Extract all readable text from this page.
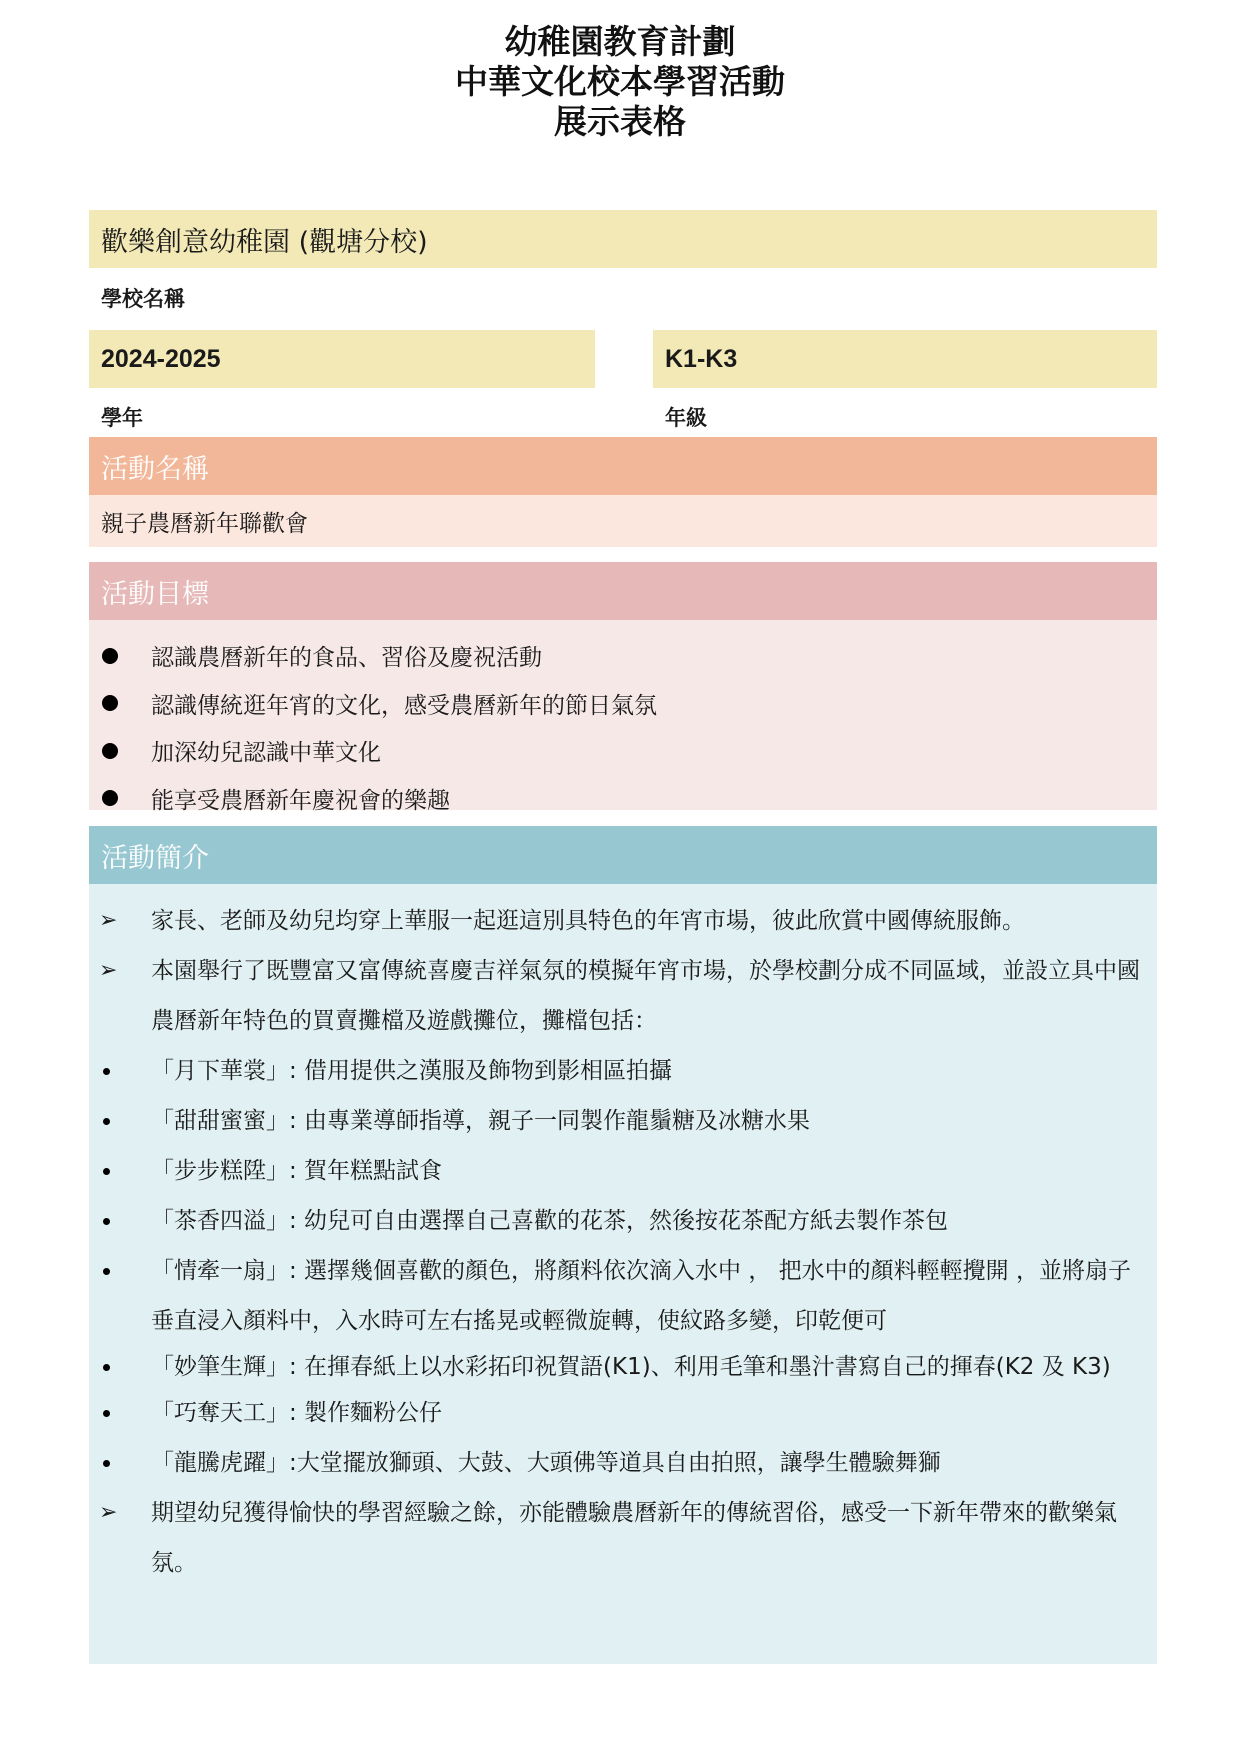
幼稚園教育計劃
中華文化校本學習活動
展示表格
歡樂創意幼稚園 (觀塘分校)
學校名稱
2024-2025
學年
K1-K3
年級
活動名稱
親子農曆新年聯歡會
活動目標
認識農曆新年的食品、習俗及慶祝活動
認識傳統逛年宵的文化，感受農曆新年的節日氣氛
加深幼兒認識中華文化
能享受農曆新年慶祝會的樂趣
活動簡介
➢ 家長、老師及幼兒均穿上華服一起逛這別具特色的年宵市場，彼此欣賞中國傳統服飾。
➢ 本園舉行了既豐富又富傳統喜慶吉祥氣氛的模擬年宵市場，於學校劃分成不同區域，並設立具中國農曆新年特色的買賣攤檔及遊戲攤位，攤檔包括：
「月下華裳」: 借用提供之漢服及飾物到影相區拍攝
「甜甜蜜蜜」: 由專業導師指導，親子一同製作龍鬚糖及冰糖水果
「步步糕陞」: 賀年糕點試食
「茶香四溢」: 幼兒可自由選擇自己喜歡的花茶，然後按花茶配方紙去製作茶包
「情牽一扇」: 選擇幾個喜歡的顏色，將顏料依次滴入水中 ， 把水中的顏料輕輕攪開 ，並將扇子垂直浸入顏料中，入水時可左右搖晃或輕微旋轉，使紋路多變，印乾便可
「妙筆生輝」: 在揮春紙上以水彩拓印祝賀語(K1)、利用毛筆和墨汁書寫自己的揮春(K2 及 K3)
「巧奪天工」: 製作麵粉公仔
「龍騰虎躍」:大堂擺放獅頭、大鼓、大頭佛等道具自由拍照，讓學生體驗舞獅
➢ 期望幼兒獲得愉快的學習經驗之餘，亦能體驗農曆新年的傳統習俗，感受一下新年帶來的歡樂氣氛。
